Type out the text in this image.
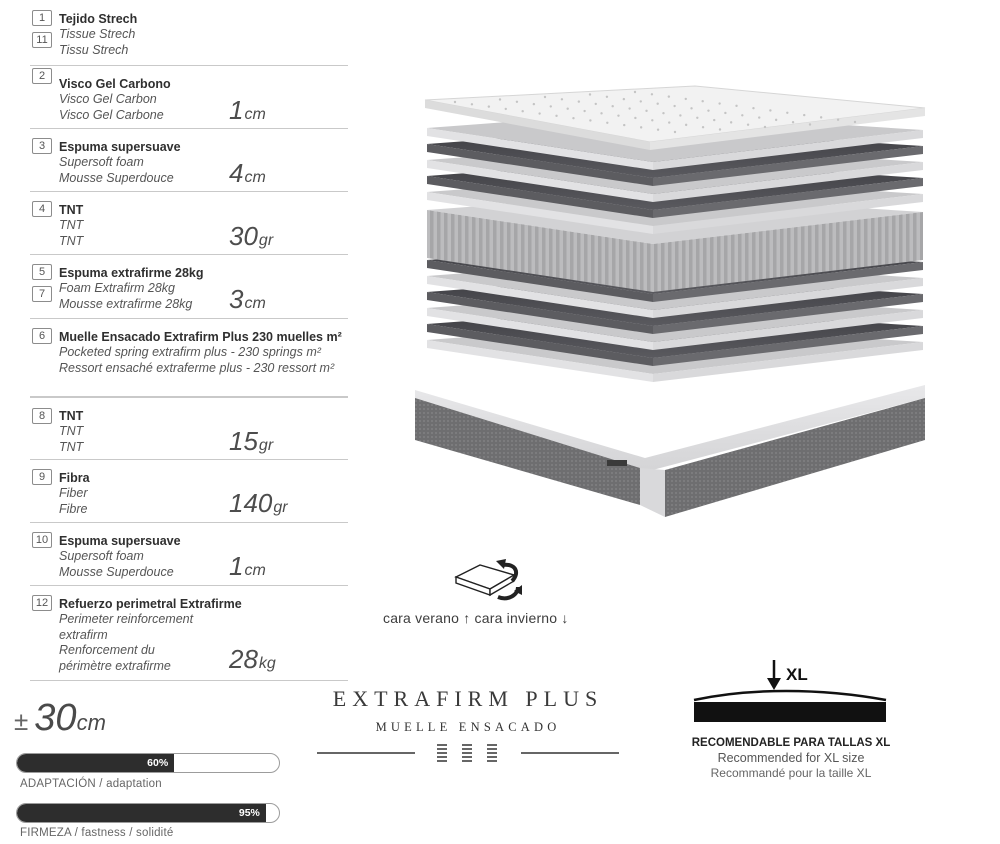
1
11
Tejido Strech
Tissue Strech
Tissu Strech
2
Visco Gel Carbono
Visco Gel Carbon
Visco Gel Carbone	1cm
3	Espuma supersuave
Supersoft foam
Mousse Superdouce	4cm
4	TNT
TNT
TNT	30gr
5
7
Espuma extrafirme 28kg
Foam Extrafirm 28kg
Mousse extrafirme 28kg	3cm
6	Muelle Ensacado Extrafirm Plus 230 muelles m²
Pocketed spring extrafirm plus - 230 springs m²
Ressort ensaché extraferme plus - 230 ressort m²
8	TNT
TNT
TNT	15gr
9	Fibra
Fiber
Fibre	140gr
10 Espuma supersuave
Supersoft foam
Mousse Superdouce	1cm
12 Refuerzo perimetral Extrafirme
Perimeter reinforcement
extrafirm
Renforcement du
périmètre extrafirme	28kg
± 30cm
60%
ADAPTACIÓN / adaptation
95%
FIRMEZA / fastness / solidité
cara verano ↑ cara invierno ↓
EXTRAFIRM PLUS
MUELLE ENSACADO
XL
RECOMENDABLE PARA TALLAS XL
Recommended for XL size
Recommandé pour la taille XL
